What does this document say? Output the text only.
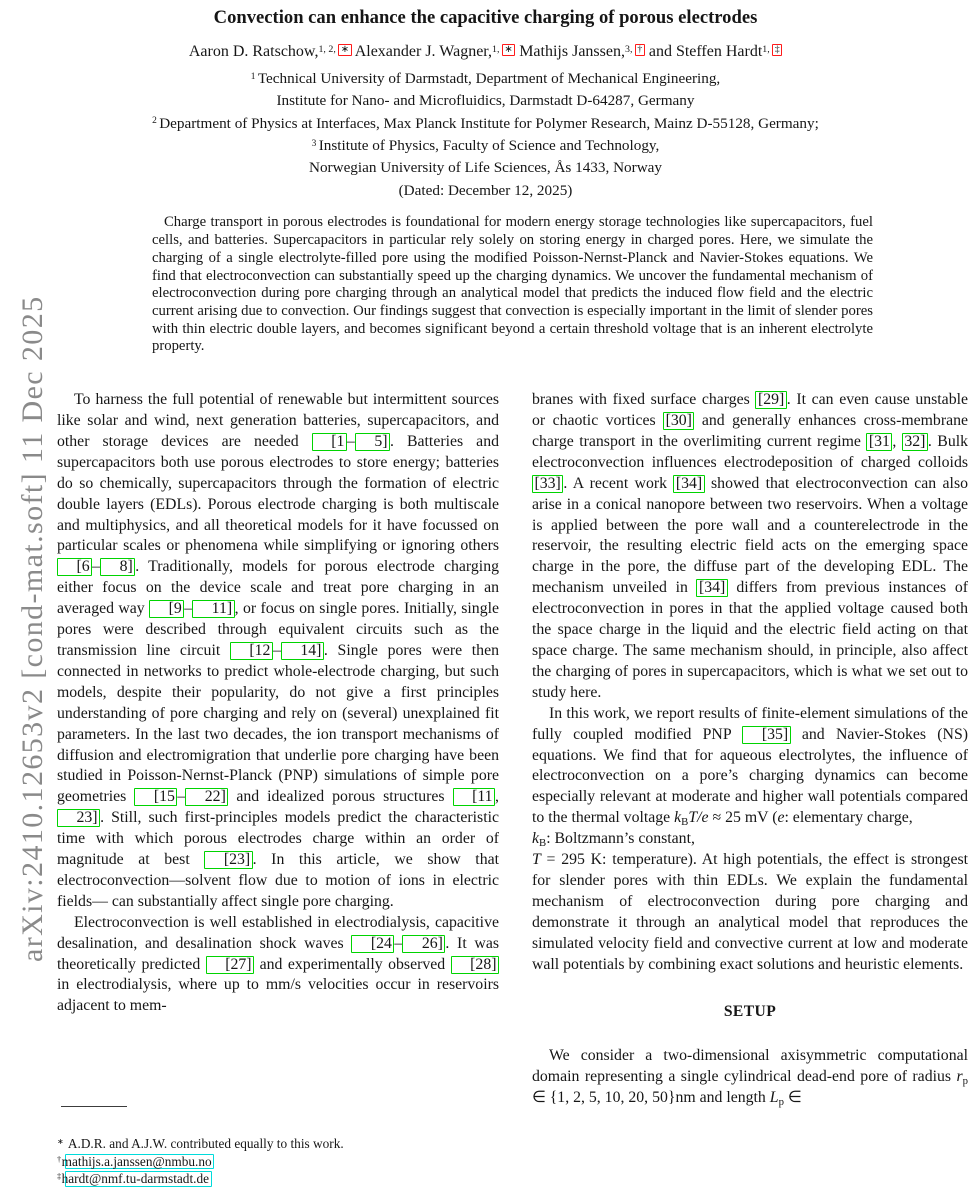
arXiv:2410.12653v2 [cond-mat.soft] 11 Dec 2025
Convection can enhance the capacitive charging of porous electrodes
Aaron D. Ratschow,$^{1, 2,}$ ∗ Alexander J. Wagner,$^{1,}$ ∗ Mathijs Janssen,$^{3,}$ † and Steffen Hardt$^{1,}$ ‡
$^1$ Technical University of Darmstadt, Department of Mechanical Engineering,
Institute for Nano- and Microfluidics, Darmstadt D-64287, Germany
$^2$ Department of Physics at Interfaces, Max Planck Institute for Polymer Research, Mainz D-55128, Germany;
$^3$ Institute of Physics, Faculty of Science and Technology,
Norwegian University of Life Sciences, Ås 1433, Norway
(Dated: December 12, 2025)
Charge transport in porous electrodes is foundational for modern energy storage technologies like supercapacitors, fuel cells, and batteries. Supercapacitors in particular rely solely on storing energy in charged pores. Here, we simulate the charging of a single electrolyte-filled pore using the modified Poisson-Nernst-Planck and Navier-Stokes equations. We find that electroconvection can substantially speed up the charging dynamics. We uncover the fundamental mechanism of electroconvection during pore charging through an analytical model that predicts the induced flow field and the electric current arising due to convection. Our findings suggest that convection is especially important in the limit of slender pores with thin electric double layers, and becomes significant beyond a certain threshold voltage that is an inherent electrolyte property.

To harness the full potential of renewable but intermittent sources like solar and wind, next generation batteries, supercapacitors, and other storage devices are needed [1 – 5] . Batteries and supercapacitors both use porous electrodes to store energy; batteries do so chemically, supercapacitors through the formation of electric double layers (EDLs). Porous electrode charging is both multiscale and multiphysics, and all theoretical models for it have focussed on particular scales or phenomena while simplifying or ignoring others [6 – 8] . Traditionally, models for porous electrode charging either focus on the device scale and treat pore charging in an averaged way [9 – 11] , or focus on single pores. Initially, single pores were described through equivalent circuits such as the transmission line circuit [12 – 14] . Single pores were then connected in networks to predict whole-electrode charging, but such models, despite their popularity, do not give a first principles understanding of pore charging and rely on (several) unexplained fit parameters. In the last two decades, the ion transport mechanisms of diffusion and electromigration that underlie pore charging have been studied in Poisson-Nernst-Planck (PNP) simulations of simple pore geometries [15 – 22] and idealized porous structures [11 , 23] . Still, such first-principles models predict the characteristic time with which porous electrodes charge within an order of magnitude at best [23] . In this article, we show that electroconvection—solvent flow due to motion of ions in electric fields— can substantially affect single pore charging.

Electroconvection is well established in electrodialysis, capacitive desalination, and desalination shock waves [24 – 26] . It was theoretically predicted [27] and experimentally observed [28] in electrodialysis, where up to mm/s velocities occur in reservoirs adjacent to mem-

branes with fixed surface charges [29] . It can even cause unstable or chaotic vortices [30] and generally enhances cross-membrane charge transport in the overlimiting current regime [31 , 32] . Bulk electroconvection influences electrodeposition of charged colloids [33] . A recent work [34] showed that electroconvection can also arise in a conical nanopore between two reservoirs. When a voltage is applied between the pore wall and a counterelectrode in the reservoir, the resulting electric field acts on the emerging space charge in the pore, the diffuse part of the developing EDL. The mechanism unveiled in [34] differs from previous instances of electroconvection in pores in that the applied voltage caused both the space charge in the liquid and the electric field acting on that space charge. The same mechanism should, in principle, also affect the charging of pores in supercapacitors, which is what we set out to study here.

In this work, we report results of finite-element simulations of the fully coupled modified PNP [35] and Navier-Stokes (NS) equations. We find that for aqueous electrolytes, the influence of electroconvection on a pore’s charging dynamics can become especially relevant at moderate and higher wall potentials compared to the thermal voltage $k_BT/e \approx 25$ mV (e: elementary charge,
$k_B$: Boltzmann’s constant,
T = 295 K: temperature). At high potentials, the effect is strongest for slender pores with thin EDLs. We explain the fundamental mechanism of electroconvection during pore charging and demonstrate it through an analytical model that reproduces the simulated velocity field and convective current at low and moderate wall potentials by combining exact solutions and heuristic elements.

SETUP

We consider a two-dimensional axisymmetric computational domain representing a single cylindrical dead-end pore of radius $r_p$ ∈ {1, 2, 5, 10, 20, 50}nm and length $L_p$ ∈

∗ A.D.R. and A.J.W. contributed equally to this work.
†mathijs.a.janssen@nmbu.no
‡hardt@nmf.tu-darmstadt.de
